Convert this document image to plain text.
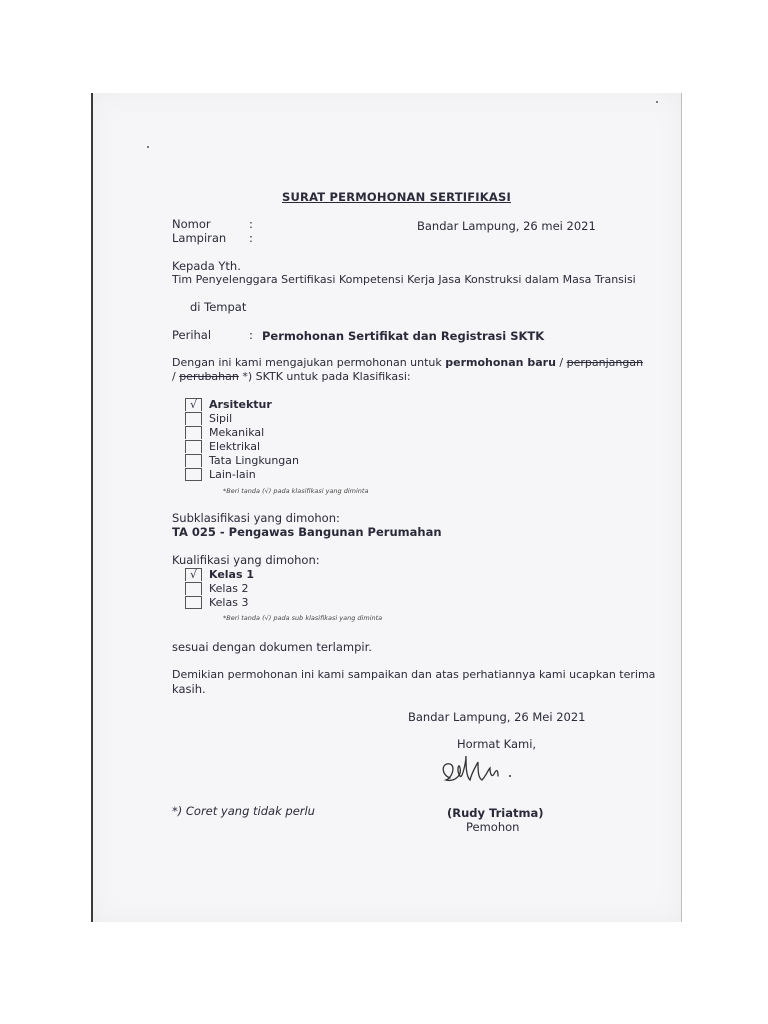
SURAT PERMOHONAN SERTIFIKASI
Nomor	:
Lampiran :
Bandar Lampung, 26 mei 2021
Kepada Yth.
Tim Penyelenggara Sertifikasi Kompetensi Kerja Jasa Konstruksi dalam Masa Transisi
di Tempat
Perihal	: Permohonan Sertifikat dan Registrasi SKTK
Dengan ini kami mengajukan permohonan untuk permohonan baru / perpanjangan
/ perubahan *) SKTK untuk pada Klasifikasi:
√	Arsitektur
Sipil
Mekanikal
Elektrikal
Tata Lingkungan
Lain-lain
*Beri tanda (√) pada klasifikasi yang diminta
Subklasifikasi yang dimohon:
TA 025 - Pengawas Bangunan Perumahan
Kualifikasi yang dimohon:
√	Kelas 1
Kelas 2
Kelas 3
*Beri tanda (√) pada sub klasifikasi yang diminta
sesuai dengan dokumen terlampir.
Demikian permohonan ini kami sampaikan dan atas perhatiannya kami ucapkan terima
kasih.
Bandar Lampung, 26 Mei 2021
Hormat Kami,
*) Coret yang tidak perlu	(Rudy Triatma)
Pemohon
